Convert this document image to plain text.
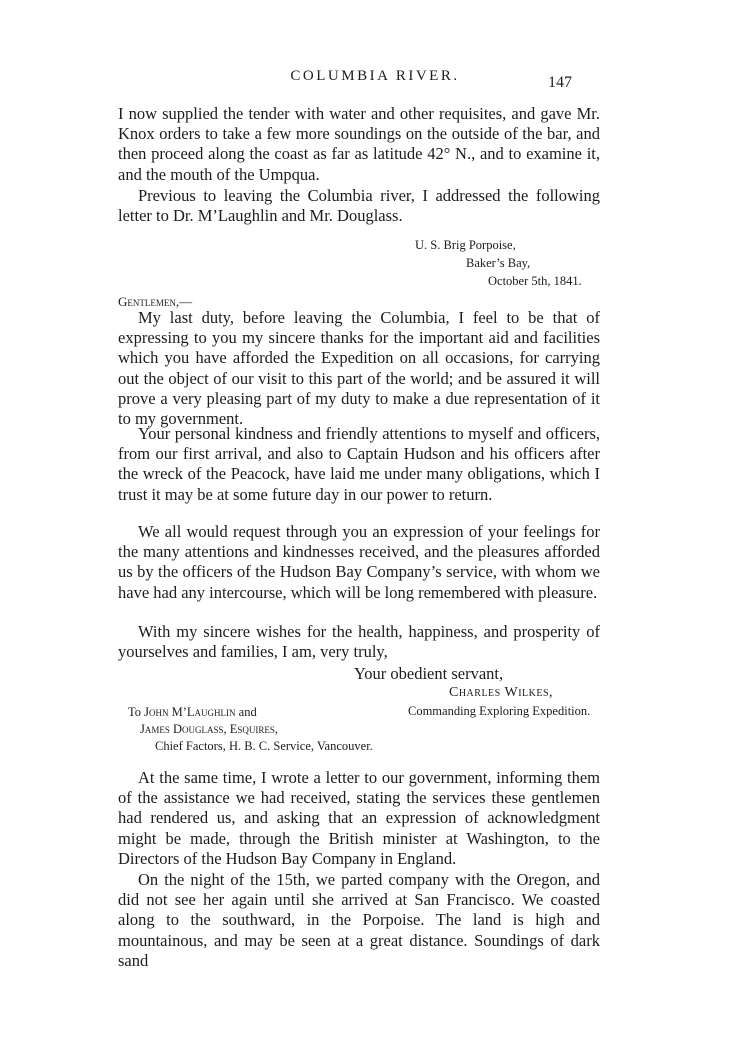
COLUMBIA RIVER.	147

I now supplied the tender with water and other requisites, and gave Mr. Knox orders to take a few more soundings on the outside of the bar, and then proceed along the coast as far as latitude 42° N., and to examine it, and the mouth of the Umpqua.

Previous to leaving the Columbia river, I addressed the following letter to Dr. M’Laughlin and Mr. Douglass.

U. S. Brig Porpoise,
Baker’s Bay,
October 5th, 1841.
Gentlemen,—

My last duty, before leaving the Columbia, I feel to be that of expressing to you my sincere thanks for the important aid and facilities which you have afforded the Expedition on all occasions, for carrying out the object of our visit to this part of the world; and be assured it will prove a very pleasing part of my duty to make a due representation of it to my government.

Your personal kindness and friendly attentions to myself and officers, from our first arrival, and also to Captain Hudson and his officers after the wreck of the Peacock, have laid me under many obligations, which I trust it may be at some future day in our power to return.

We all would request through you an expression of your feelings for the many attentions and kindnesses received, and the pleasures afforded us by the officers of the Hudson Bay Company’s service, with whom we have had any intercourse, which will be long remembered with pleasure.

With my sincere wishes for the health, happiness, and prosperity of yourselves and families, I am, very truly,

Your obedient servant,
Charles Wilkes,
Commanding Exploring Expedition.
To John M’Laughlin and
James Douglass, Esquires,
Chief Factors, H. B. C. Service, Vancouver.

At the same time, I wrote a letter to our government, informing them of the assistance we had received, stating the services these gentlemen had rendered us, and asking that an expression of acknowledgment might be made, through the British minister at Washington, to the Directors of the Hudson Bay Company in England.

On the night of the 15th, we parted company with the Oregon, and did not see her again until she arrived at San Francisco. We coasted along to the southward, in the Porpoise. The land is high and mountainous, and may be seen at a great distance. Soundings of dark sand
